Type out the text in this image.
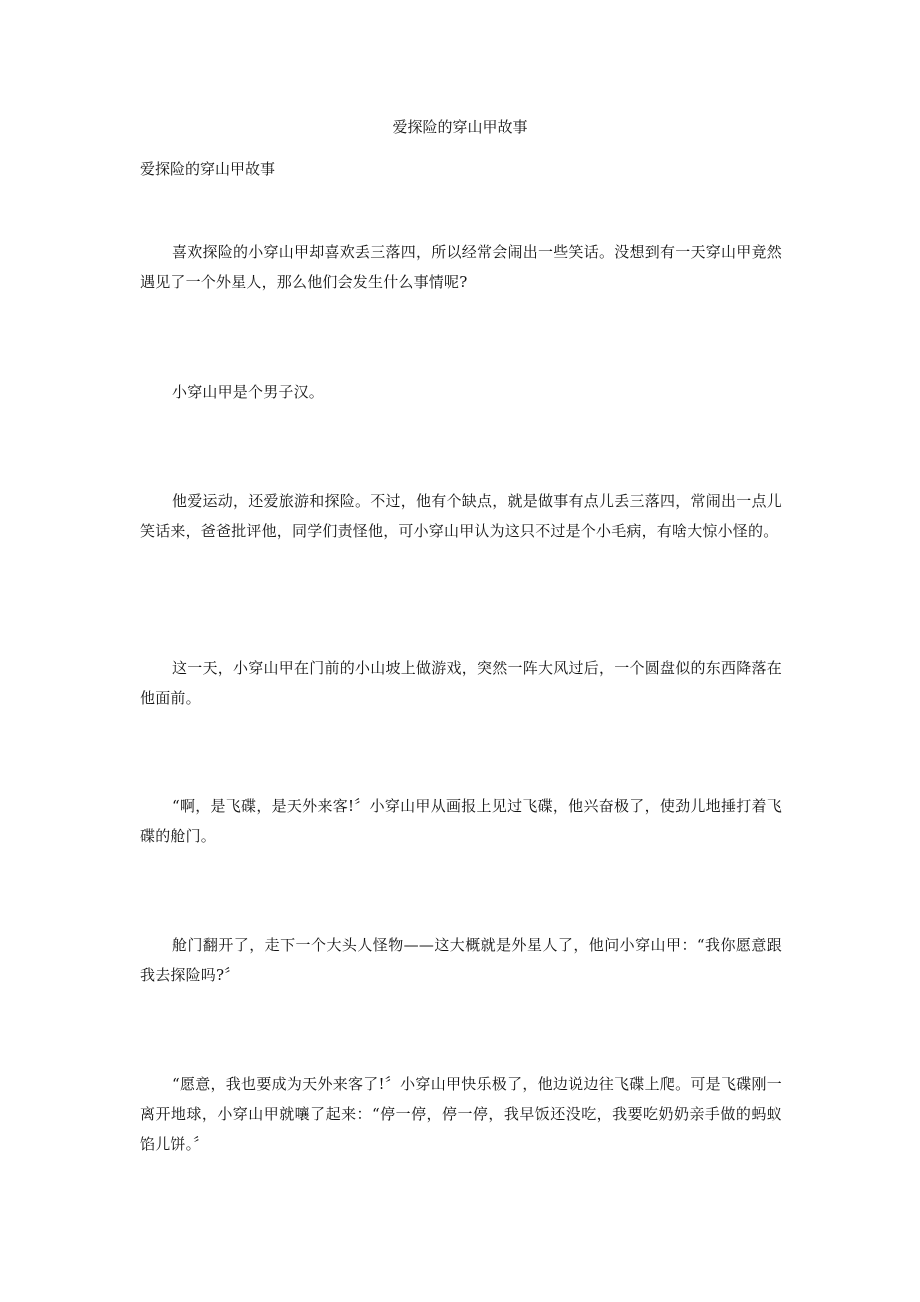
爱探险的穿山甲故事

爱探险的穿山甲故事

喜欢探险的小穿山甲却喜欢丢三落四，所以经常会闹出一些笑话。没想到有一天穿山甲竟然遇见了一个外星人，那么他们会发生什么事情呢?

小穿山甲是个男子汉。

他爱运动，还爱旅游和探险。不过，他有个缺点，就是做事有点儿丢三落四，常闹出一点儿笑话来，爸爸批评他，同学们责怪他，可小穿山甲认为这只不过是个小毛病，有啥大惊小怪的。

这一天，小穿山甲在门前的小山坡上做游戏，突然一阵大风过后，一个圆盘似的东西降落在他面前。

“啊，是飞碟，是天外来客!〞小穿山甲从画报上见过飞碟，他兴奋极了，使劲儿地捶打着飞碟的舱门。

舱门翻开了，走下一个大头人怪物——这大概就是外星人了，他问小穿山甲：“我你愿意跟我去探险吗?〞

“愿意，我也要成为天外来客了!〞小穿山甲快乐极了，他边说边往飞碟上爬。可是飞碟刚一离开地球，小穿山甲就嚷了起来：“停一停，停一停，我早饭还没吃，我要吃奶奶亲手做的蚂蚁馅儿饼。〞
